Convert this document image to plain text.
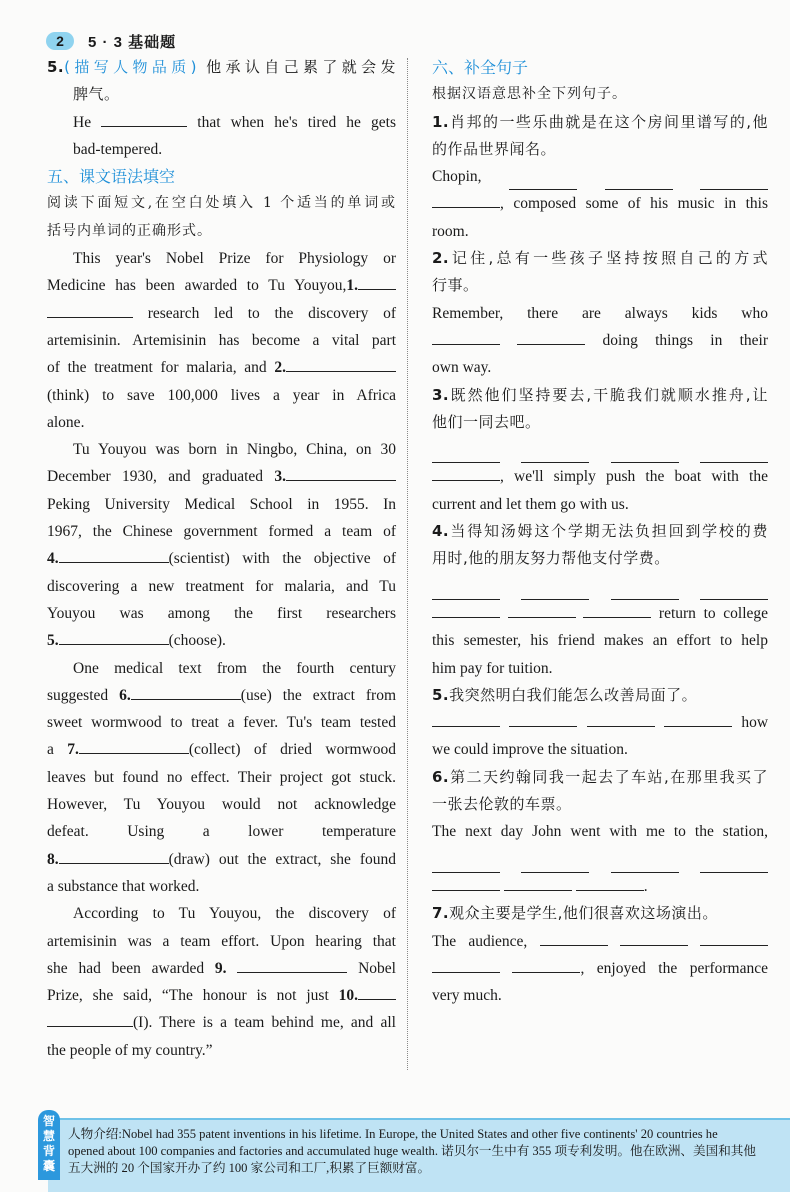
2	5 · 3 基础题
5.(描写人物品质) 他承认自己累了就会发
脾气。
He	that when he's tired he gets
bad-tempered.
五、课文语法填空
阅读下面短文,在空白处填入 1 个适当的单词或
括号内单词的正确形式。
This year's Nobel Prize for Physiology or
Medicine has been awarded to Tu Youyou,1.
research led to the discovery of
artemisinin. Artemisinin has become a vital part
of the treatment for malaria, and 2.
(think) to save 100,000 lives a year in Africa
alone.
Tu Youyou was born in Ningbo, China, on 30
December 1930, and graduated 3.
Peking University Medical School in 1955. In
1967, the Chinese government formed a team of
4.	(scientist) with the objective of
discovering a new treatment for malaria, and Tu
Youyou was among the first researchers
5.	(choose).
One medical text from the fourth century
suggested 6.	(use) the extract from
sweet wormwood to treat a fever. Tu's team tested
a 7.	(collect) of dried wormwood
leaves but found no effect. Their project got stuck.
However, Tu Youyou would not acknowledge
defeat. Using a lower temperature
8.	(draw) out the extract, she found
a substance that worked.
According to Tu Youyou, the discovery of
artemisinin was a team effort. Upon hearing that
she had been awarded 9.	Nobel
Prize, she said, “The honour is not just 10.
(I). There is a team behind me, and all
the people of my country.”
六、补全句子
根据汉语意思补全下列句子。
1.肖邦的一些乐曲就是在这个房间里谱写的,他
的作品世界闻名。
Chopin,
, composed some of his music in this
room.
2.记住,总有一些孩子坚持按照自己的方式
行事。
Remember, there are always kids who
doing things in their
own way.
3.既然他们坚持要去,干脆我们就顺水推舟,让
他们一同去吧。
, we'll simply push the boat with the
current and let them go with us.
4.当得知汤姆这个学期无法负担回到学校的费
用时,他的朋友努力帮他支付学费。
return to college
this semester, his friend makes an effort to help
him pay for tuition.
5.我突然明白我们能怎么改善局面了。
how
we could improve the situation.
6.第二天约翰同我一起去了车站,在那里我买了
一张去伦敦的车票。
The next day John went with me to the station,
.
7.观众主要是学生,他们很喜欢这场演出。
The audience,
, enjoyed the performance
very much.
智
慧
背
囊
人物介绍:Nobel had 355 patent inventions in his lifetime. In Europe, the United States and other five continents' 20 countries he
opened about 100 companies and factories and accumulated huge wealth. 诺贝尔一生中有 355 项专利发明。他在欧洲、美国和其他
五大洲的 20 个国家开办了约 100 家公司和工厂,积累了巨额财富。
